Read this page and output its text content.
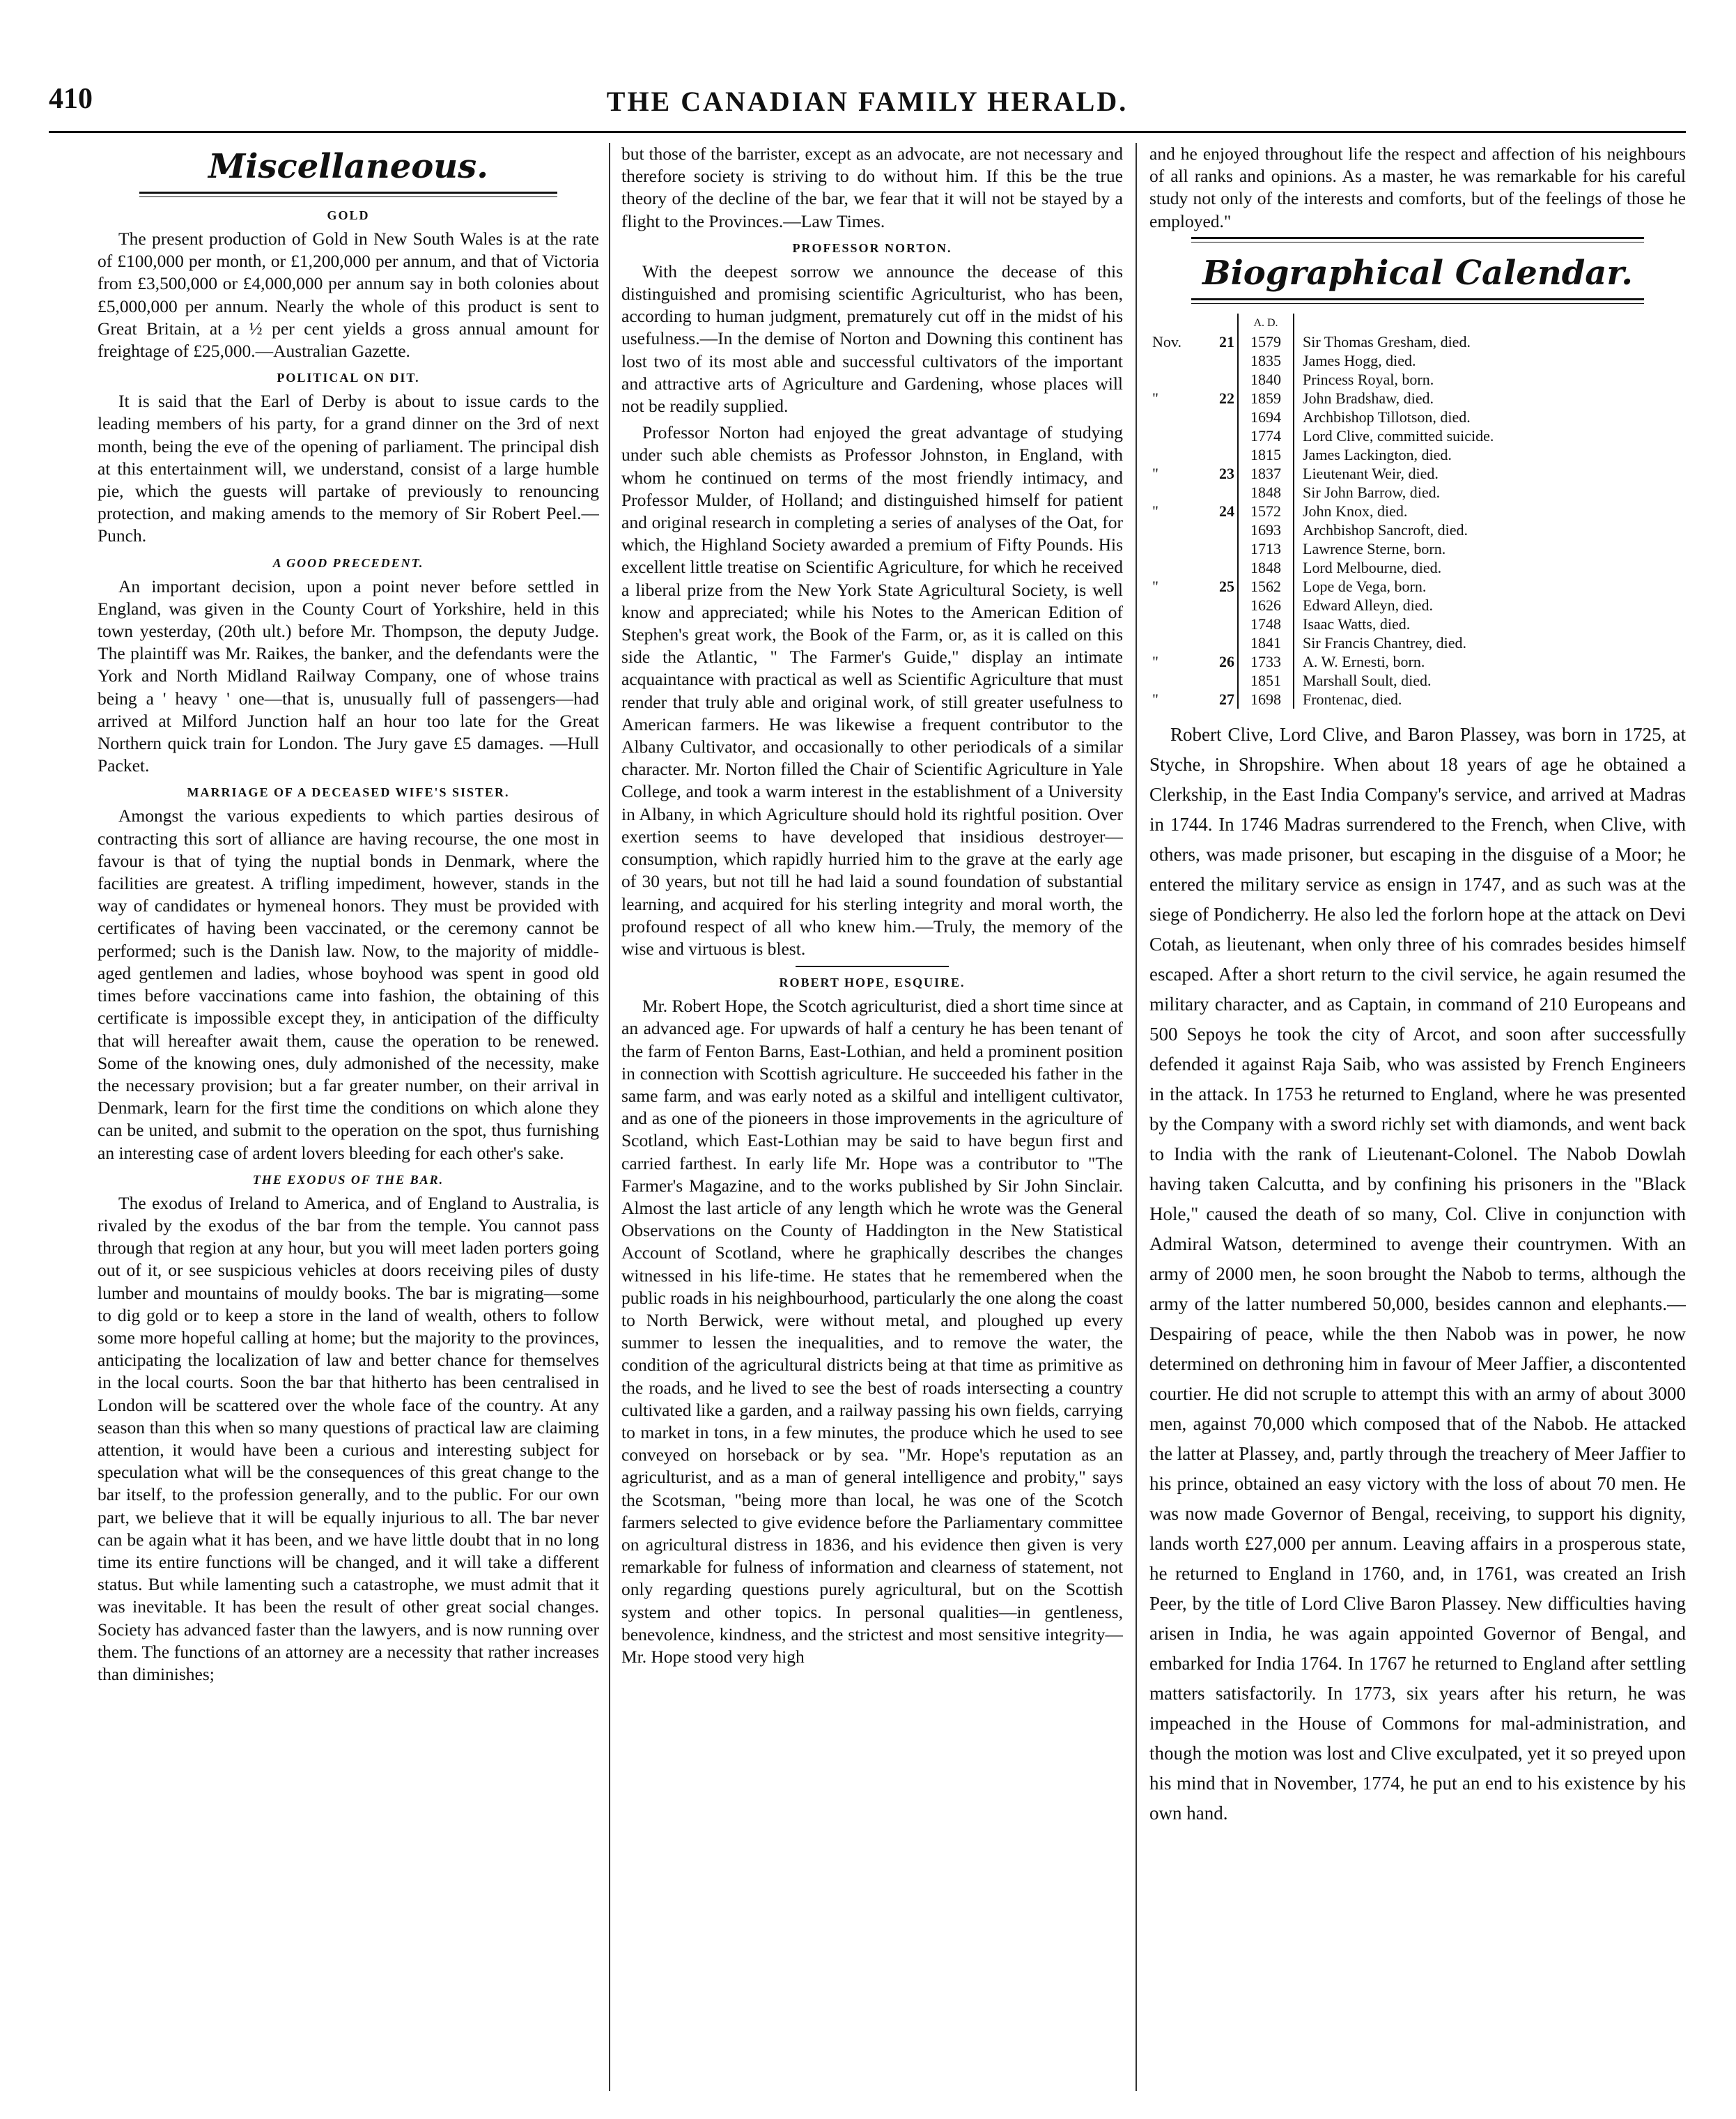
410	THE CANADIAN FAMILY HERALD.
Miscellaneous.
GOLD

The present production of Gold in New South Wales is at the rate of £100,000 per month, or £1,200,000 per annum, and that of Victoria from £3,500,000 or £4,000,000 per annum say in both colonies about £5,000,000 per annum. Nearly the whole of this product is sent to Great Britain, at a ½ per cent yields a gross annual amount for freightage of £25,000.—Australian Gazette.

POLITICAL ON DIT.

It is said that the Earl of Derby is about to issue cards to the leading members of his party, for a grand dinner on the 3rd of next month, being the eve of the opening of parliament. The principal dish at this entertainment will, we understand, consist of a large humble pie, which the guests will partake of previously to renouncing protection, and making amends to the memory of Sir Robert Peel.—Punch.

A GOOD PRECEDENT.

An important decision, upon a point never before settled in England, was given in the County Court of Yorkshire, held in this town yesterday, (20th ult.) before Mr. Thompson, the deputy Judge. The plaintiff was Mr. Raikes, the banker, and the defendants were the York and North Midland Railway Company, one of whose trains being a ' heavy ' one—that is, unusually full of passengers—had arrived at Milford Junction half an hour too late for the Great Northern quick train for London. The Jury gave £5 damages. —Hull Packet.

MARRIAGE OF A DECEASED WIFE'S SISTER.

Amongst the various expedients to which parties desirous of contracting this sort of alliance are having recourse, the one most in favour is that of tying the nuptial bonds in Denmark, where the facilities are greatest. A trifling impediment, however, stands in the way of candidates or hymeneal honors. They must be provided with certificates of having been vaccinated, or the ceremony cannot be performed; such is the Danish law. Now, to the majority of middle-aged gentlemen and ladies, whose boyhood was spent in good old times before vaccinations came into fashion, the obtaining of this certificate is impossible except they, in anticipation of the difficulty that will hereafter await them, cause the operation to be renewed. Some of the knowing ones, duly admonished of the necessity, make the necessary provision; but a far greater number, on their arrival in Denmark, learn for the first time the conditions on which alone they can be united, and submit to the operation on the spot, thus furnishing an interesting case of ardent lovers bleeding for each other's sake.

THE EXODUS OF THE BAR.

The exodus of Ireland to America, and of England to Australia, is rivaled by the exodus of the bar from the temple. You cannot pass through that region at any hour, but you will meet laden porters going out of it, or see suspicious vehicles at doors receiving piles of dusty lumber and mountains of mouldy books. The bar is migrating—some to dig gold or to keep a store in the land of wealth, others to follow some more hopeful calling at home; but the majority to the provinces, anticipating the localization of law and better chance for themselves in the local courts. Soon the bar that hitherto has been centralised in London will be scattered over the whole face of the country. At any season than this when so many questions of practical law are claiming attention, it would have been a curious and interesting subject for speculation what will be the consequences of this great change to the bar itself, to the profession generally, and to the public. For our own part, we believe that it will be equally injurious to all. The bar never can be again what it has been, and we have little doubt that in no long time its entire functions will be changed, and it will take a different status. But while lamenting such a catastrophe, we must admit that it was inevitable. It has been the result of other great social changes. Society has advanced faster than the lawyers, and is now running over them. The functions of an attorney are a necessity that rather increases than diminishes;

but those of the barrister, except as an advocate, are not necessary and therefore society is striving to do without him. If this be the true theory of the decline of the bar, we fear that it will not be stayed by a flight to the Provinces.—Law Times.

PROFESSOR NORTON.

With the deepest sorrow we announce the decease of this distinguished and promising scientific Agriculturist, who has been, according to human judgment, prematurely cut off in the midst of his usefulness.—In the demise of Norton and Downing this continent has lost two of its most able and successful cultivators of the important and attractive arts of Agriculture and Gardening, whose places will not be readily supplied.

Professor Norton had enjoyed the great advantage of studying under such able chemists as Professor Johnston, in England, with whom he continued on terms of the most friendly intimacy, and Professor Mulder, of Holland; and distinguished himself for patient and original research in completing a series of analyses of the Oat, for which, the Highland Society awarded a premium of Fifty Pounds. His excellent little treatise on Scientific Agriculture, for which he received a liberal prize from the New York State Agricultural Society, is well know and appreciated; while his Notes to the American Edition of Stephen's great work, the Book of the Farm, or, as it is called on this side the Atlantic, " The Farmer's Guide," display an intimate acquaintance with practical as well as Scientific Agriculture that must render that truly able and original work, of still greater usefulness to American farmers. He was likewise a frequent contributor to the Albany Cultivator, and occasionally to other periodicals of a similar character. Mr. Norton filled the Chair of Scientific Agriculture in Yale College, and took a warm interest in the establishment of a University in Albany, in which Agriculture should hold its rightful position. Over exertion seems to have developed that insidious destroyer—consumption, which rapidly hurried him to the grave at the early age of 30 years, but not till he had laid a sound foundation of substantial learning, and acquired for his sterling integrity and moral worth, the profound respect of all who knew him.—Truly, the memory of the wise and virtuous is blest.

ROBERT HOPE, ESQUIRE.

Mr. Robert Hope, the Scotch agriculturist, died a short time since at an advanced age. For upwards of half a century he has been tenant of the farm of Fenton Barns, East-Lothian, and held a prominent position in connection with Scottish agriculture. He succeeded his father in the same farm, and was early noted as a skilful and intelligent cultivator, and as one of the pioneers in those improvements in the agriculture of Scotland, which East-Lothian may be said to have begun first and carried farthest. In early life Mr. Hope was a contributor to "The Farmer's Magazine, and to the works published by Sir John Sinclair. Almost the last article of any length which he wrote was the General Observations on the County of Haddington in the New Statistical Account of Scotland, where he graphically describes the changes witnessed in his life-time. He states that he remembered when the public roads in his neighbourhood, particularly the one along the coast to North Berwick, were without metal, and ploughed up every summer to lessen the inequalities, and to remove the water, the condition of the agricultural districts being at that time as primitive as the roads, and he lived to see the best of roads intersecting a country cultivated like a garden, and a railway passing his own fields, carrying to market in tons, in a few minutes, the produce which he used to see conveyed on horseback or by sea. "Mr. Hope's reputation as an agriculturist, and as a man of general intelligence and probity," says the Scotsman, "being more than local, he was one of the Scotch farmers selected to give evidence before the Parliamentary committee on agricultural distress in 1836, and his evidence then given is very remarkable for fulness of information and clearness of statement, not only regarding questions purely agricultural, but on the Scottish system and other topics. In personal qualities—in gentleness, benevolence, kindness, and the strictest and most sensitive integrity—Mr. Hope stood very high

and he enjoyed throughout life the respect and affection of his neighbours of all ranks and opinions. As a master, he was remarkable for his careful study not only of the interests and comforts, but of the feelings of those he employed."

Biographical Calendar.
		A. D.	
Nov.	21	1579	Sir Thomas Gresham, died.
		1835	James Hogg, died.
		1840	Princess Royal, born.
"	22	1859	John Bradshaw, died.
		1694	Archbishop Tillotson, died.
		1774	Lord Clive, committed suicide.
		1815	James Lackington, died.
"	23	1837	Lieutenant Weir, died.
		1848	Sir John Barrow, died.
"	24	1572	John Knox, died.
		1693	Archbishop Sancroft, died.
		1713	Lawrence Sterne, born.
		1848	Lord Melbourne, died.
"	25	1562	Lope de Vega, born.
		1626	Edward Alleyn, died.
		1748	Isaac Watts, died.
		1841	Sir Francis Chantrey, died.
"	26	1733	A. W. Ernesti, born.
		1851	Marshall Soult, died.
"	27	1698	Frontenac, died.

Robert Clive, Lord Clive, and Baron Plassey, was born in 1725, at Styche, in Shropshire. When about 18 years of age he obtained a Clerkship, in the East India Company's service, and arrived at Madras in 1744. In 1746 Madras surrendered to the French, when Clive, with others, was made prisoner, but escaping in the disguise of a Moor; he entered the military service as ensign in 1747, and as such was at the siege of Pondicherry. He also led the forlorn hope at the attack on Devi Cotah, as lieutenant, when only three of his comrades besides himself escaped. After a short return to the civil service, he again resumed the military character, and as Captain, in command of 210 Europeans and 500 Sepoys he took the city of Arcot, and soon after successfully defended it against Raja Saib, who was assisted by French Engineers in the attack. In 1753 he returned to England, where he was presented by the Company with a sword richly set with diamonds, and went back to India with the rank of Lieutenant-Colonel. The Nabob Dowlah having taken Calcutta, and by confining his prisoners in the "Black Hole," caused the death of so many, Col. Clive in conjunction with Admiral Watson, determined to avenge their countrymen. With an army of 2000 men, he soon brought the Nabob to terms, although the army of the latter numbered 50,000, besides cannon and elephants.—Despairing of peace, while the then Nabob was in power, he now determined on dethroning him in favour of Meer Jaffier, a discontented courtier. He did not scruple to attempt this with an army of about 3000 men, against 70,000 which composed that of the Nabob. He attacked the latter at Plassey, and, partly through the treachery of Meer Jaffier to his prince, obtained an easy victory with the loss of about 70 men. He was now made Governor of Bengal, receiving, to support his dignity, lands worth £27,000 per annum. Leaving affairs in a prosperous state, he returned to England in 1760, and, in 1761, was created an Irish Peer, by the title of Lord Clive Baron Plassey. New difficulties having arisen in India, he was again appointed Governor of Bengal, and embarked for India 1764. In 1767 he returned to England after settling matters satisfactorily. In 1773, six years after his return, he was impeached in the House of Commons for mal-administration, and though the motion was lost and Clive exculpated, yet it so preyed upon his mind that in November, 1774, he put an end to his existence by his own hand.
